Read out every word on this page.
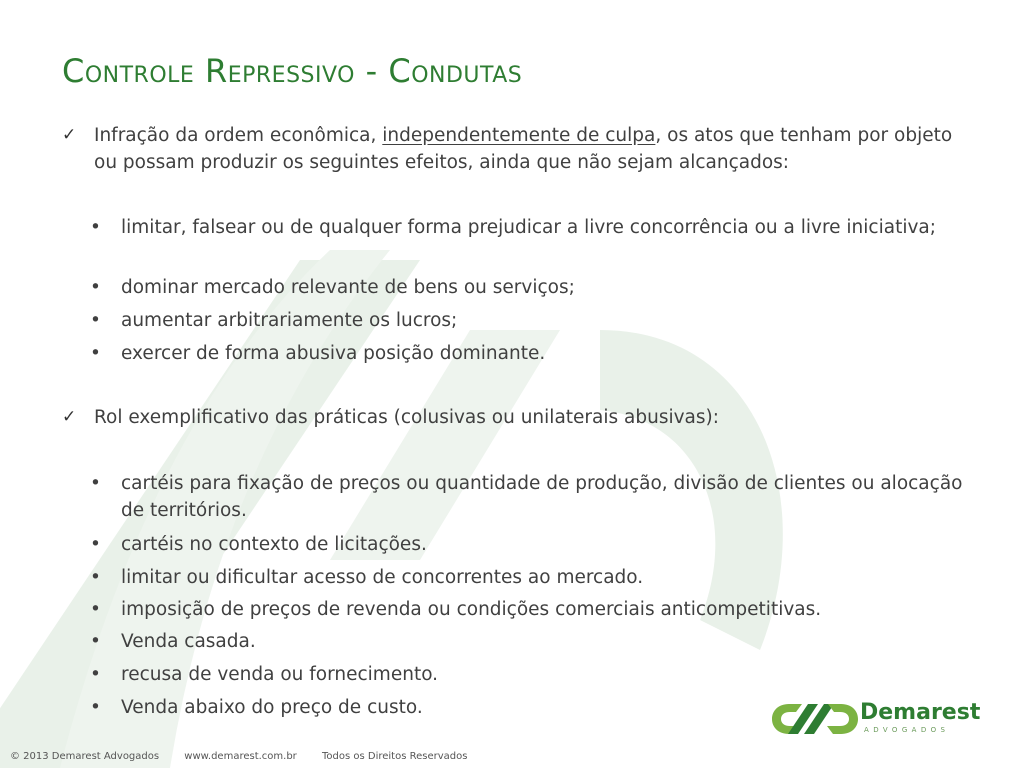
Controle Repressivo - Condutas
✓ Infração da ordem econômica, independentemente de culpa, os atos que tenham por objeto ou possam produzir os seguintes efeitos, ainda que não sejam alcançados:
• limitar, falsear ou de qualquer forma prejudicar a livre concorrência ou a livre iniciativa;
• dominar mercado relevante de bens ou serviços;
• aumentar arbitrariamente os lucros;
• exercer de forma abusiva posição dominante.
✓ Rol exemplificativo das práticas (colusivas ou unilaterais abusivas):
• cartéis para fixação de preços ou quantidade de produção, divisão de clientes ou alocação de territórios.
• cartéis no contexto de licitações.
• limitar ou dificultar acesso de concorrentes ao mercado.
• imposição de preços de revenda ou condições comerciais anticompetitivas.
• Venda casada.
• recusa de venda ou fornecimento.
• Venda abaixo do preço de custo.	Demarest
ADVOGADOS
© 2013 Demarest Advogados	www.demarest.com.br	Todos os Direitos Reservados
